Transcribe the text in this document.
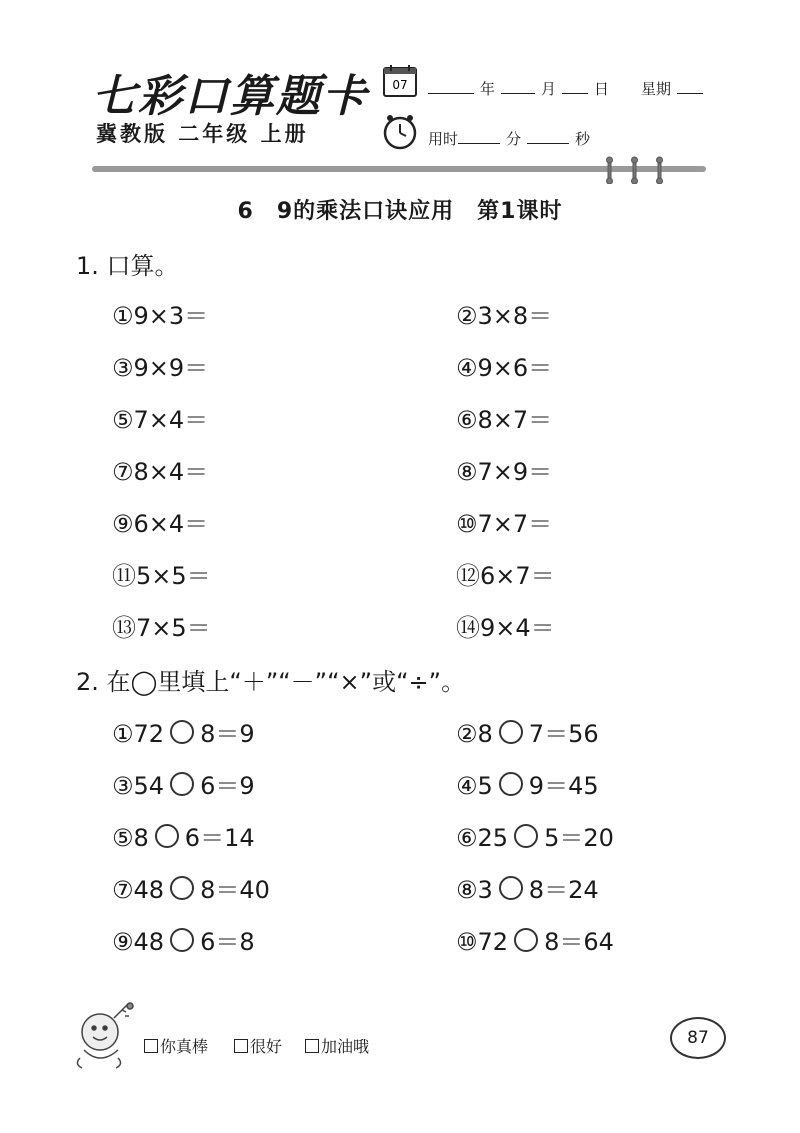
七彩口算题卡
冀教版 二年级 上册
07	年	月	日 星期
用时	分	秒
6　9的乘法口诀应用　第1课时
1. 口算。
①9×3＝	②3×8＝
③9×9＝	④9×6＝
⑤7×4＝	⑥8×7＝
⑦8×4＝	⑧7×9＝
⑨6×4＝	⑩7×7＝
⑪5×5＝	⑫6×7＝
⑬7×5＝	⑭9×4＝
2. 在◯里填上“＋”“－”“×”或“÷”。
①72 8＝9	②8 7＝56
③54 6＝9	④5 9＝45
⑤8 6＝14	⑥25 5＝20
⑦48 8＝40	⑧3 8＝24
⑨48 6＝8	⑩72 8＝64
你真棒	很好	加油哦	87
